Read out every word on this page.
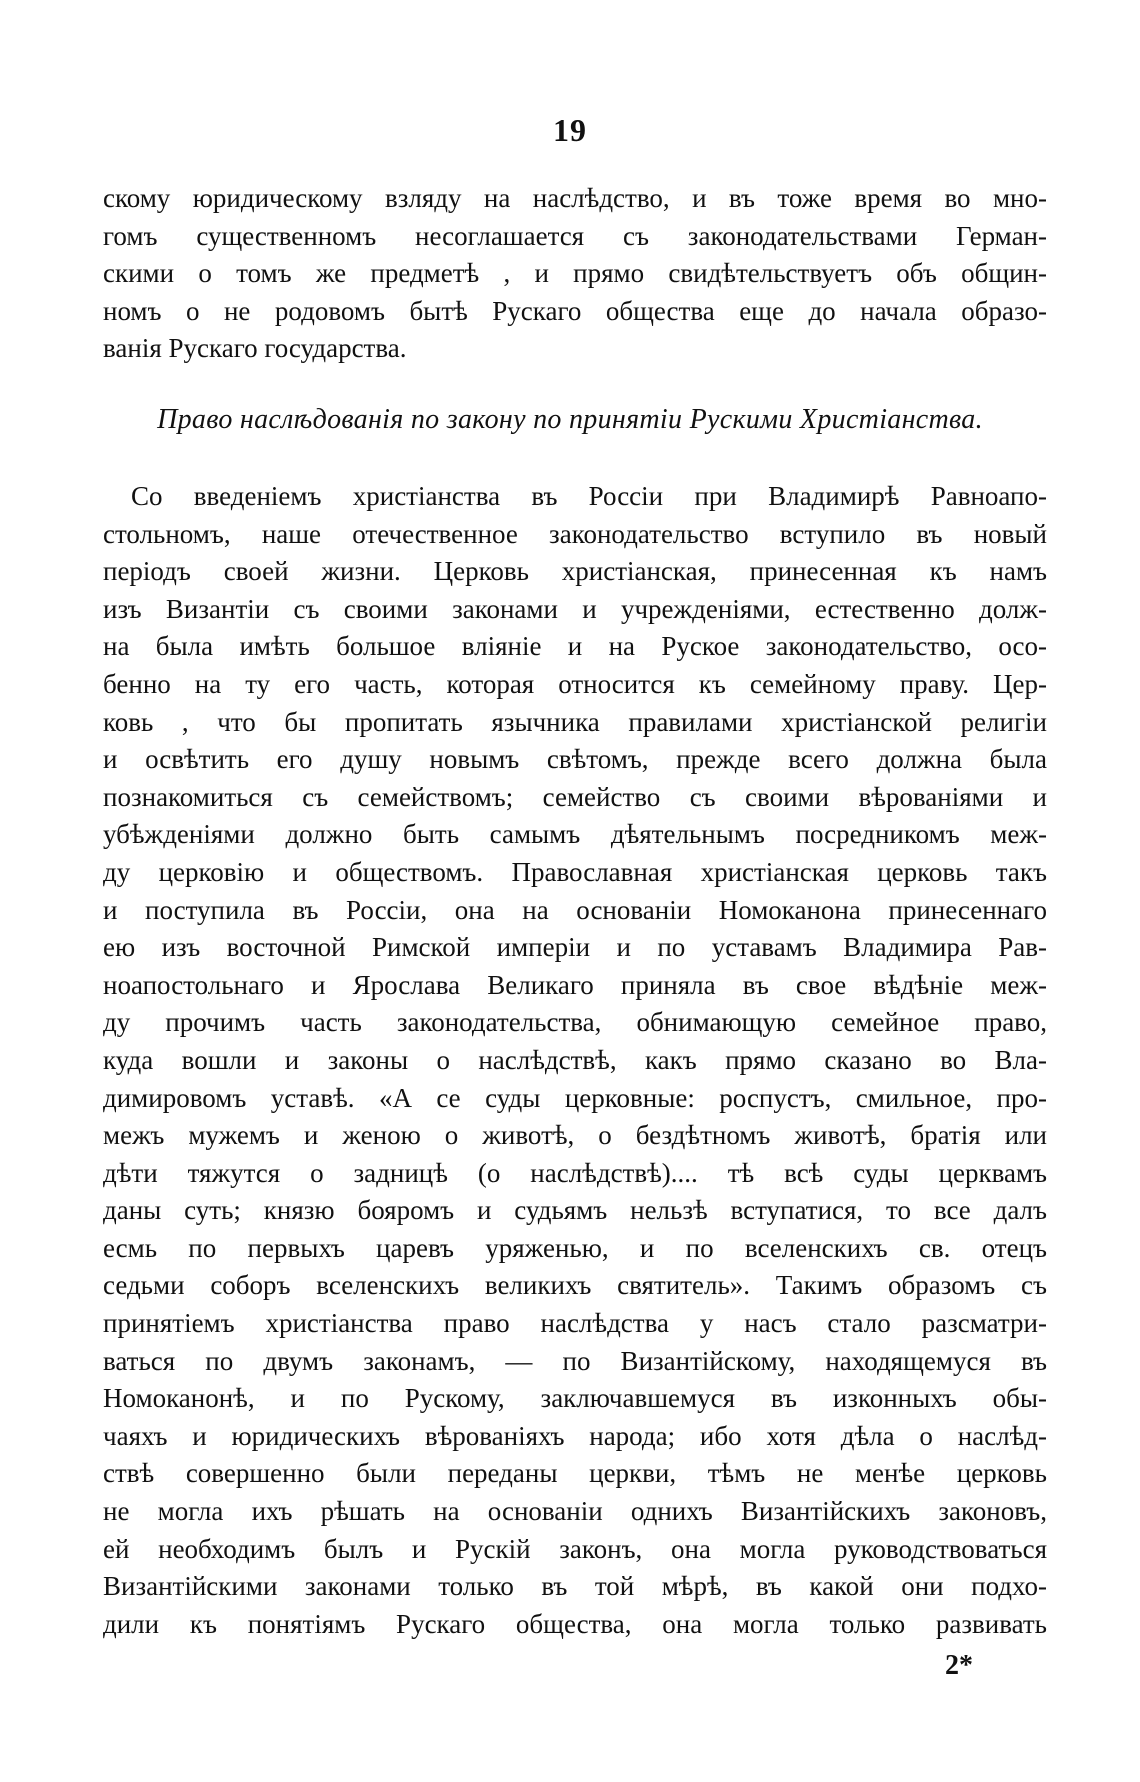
19
скому юридическому взляду на наслѣдство, и въ тоже время во мно-
гомъ существенномъ несоглашается съ законодательствами Герман-
скими о томъ же предметѣ , и прямо свидѣтельствуетъ объ общин-
номъ о не родовомъ бытѣ Рускаго общества еще до начала образо-
ванія Рускаго государства.
Право наслѣдованія по закону по принятіи Рускими Христіанства.
Со введеніемъ христіанства въ Россіи при Владимирѣ Равноапо-
стольномъ, наше отечественное законодательство вступило въ новый
періодъ своей жизни. Церковь христіанская, принесенная къ намъ
изъ Византіи съ своими законами и учрежденіями, естественно долж-
на была имѣть большое вліяніе и на Руское законодательство, осо-
бенно на ту его часть, которая относится къ семейному праву. Цер-
ковь , что бы пропитать язычника правилами христіанской религіи
и освѣтить его душу новымъ свѣтомъ, прежде всего должна была
познакомиться съ семействомъ; семейство съ своими вѣрованіями и
убѣжденіями должно быть самымъ дѣятельнымъ посредникомъ меж-
ду церковію и обществомъ. Православная христіанская церковь такъ
и поступила въ Россіи, она на основаніи Номоканона принесеннаго
ею изъ восточной Римской имперіи и по уставамъ Владимира Рав-
ноапостольнаго и Ярослава Великаго приняла въ свое вѣдѣніе меж-
ду прочимъ часть законодательства, обнимающую семейное право,
куда вошли и законы о наслѣдствѣ, какъ прямо сказано во Вла-
димировомъ уставѣ. «А се суды церковные: роспустъ, смильное, про-
межъ мужемъ и женою о животѣ, о бездѣтномъ животѣ, братія или
дѣти тяжутся о задницѣ (о наслѣдствѣ).... тѣ всѣ суды церквамъ
даны суть; князю бояромъ и судьямъ нельзѣ вступатися, то все далъ
есмь по первыхъ царевъ уряженью, и по вселенскихъ св. отецъ
седьми соборъ вселенскихъ великихъ святитель». Такимъ образомъ съ
принятіемъ христіанства право наслѣдства у насъ стало разсматри-
ваться по двумъ законамъ, — по Византійскому, находящемуся въ
Номоканонѣ, и по Рускому, заключавшемуся въ изконныхъ обы-
чаяхъ и юридическихъ вѣрованіяхъ народа; ибо хотя дѣла о наслѣд-
ствѣ совершенно были переданы церкви, тѣмъ не менѣе церковь
не могла ихъ рѣшать на основаніи однихъ Византійскихъ законовъ,
ей необходимъ былъ и Рускій законъ, она могла руководствоваться
Византійскими законами только въ той мѣрѣ, въ какой они подхо-
дили къ понятіямъ Рускаго общества, она могла только развивать
2*
